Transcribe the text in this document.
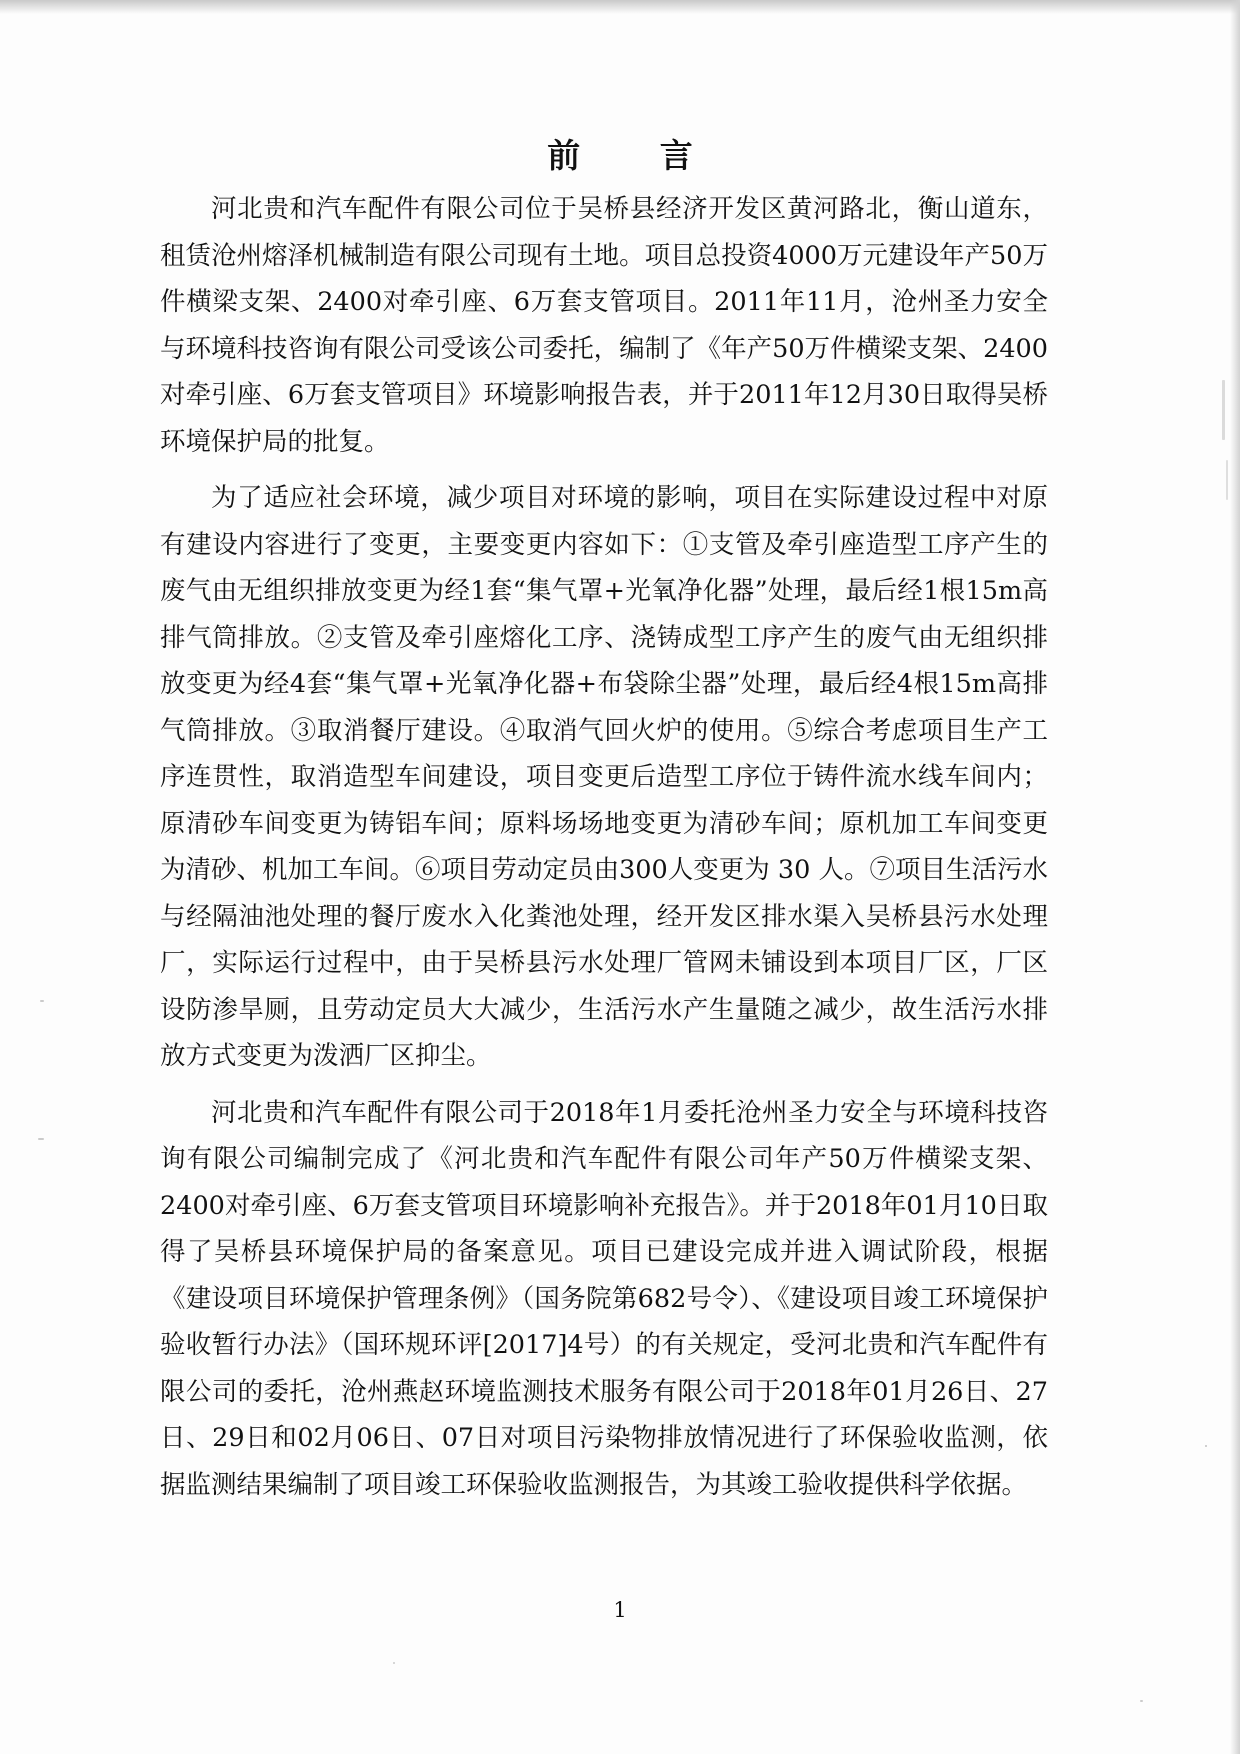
前 言

河北贵和汽车配件有限公司位于吴桥县经济开发区黄河路北，衡山道东，租赁沧州熔泽机械制造有限公司现有土地。项目总投资4000万元建设年产50万件横梁支架、2400对牵引座、6万套支管项目。2011年11月，沧州圣力安全与环境科技咨询有限公司受该公司委托，编制了《年产50万件横梁支架、2400对牵引座、6万套支管项目》环境影响报告表，并于2011年12月30日取得吴桥环境保护局的批复。

为了适应社会环境，减少项目对环境的影响，项目在实际建设过程中对原有建设内容进行了变更，主要变更内容如下：①支管及牵引座造型工序产生的废气由无组织排放变更为经1套“集气罩+光氧净化器”处理，最后经1根15m高排气筒排放。②支管及牵引座熔化工序、浇铸成型工序产生的废气由无组织排放变更为经4套“集气罩+光氧净化器+布袋除尘器”处理，最后经4根15m高排气筒排放。③取消餐厅建设。④取消气回火炉的使用。⑤综合考虑项目生产工序连贯性，取消造型车间建设，项目变更后造型工序位于铸件流水线车间内；原清砂车间变更为铸铝车间；原料场场地变更为清砂车间；原机加工车间变更为清砂、机加工车间。⑥项目劳动定员由300人变更为 30 人。⑦项目生活污水与经隔油池处理的餐厅废水入化粪池处理，经开发区排水渠入吴桥县污水处理厂，实际运行过程中，由于吴桥县污水处理厂管网未铺设到本项目厂区，厂区设防渗旱厕，且劳动定员大大减少，生活污水产生量随之减少，故生活污水排放方式变更为泼洒厂区抑尘。

河北贵和汽车配件有限公司于2018年1月委托沧州圣力安全与环境科技咨询有限公司编制完成了《河北贵和汽车配件有限公司年产50万件横梁支架、2400对牵引座、6万套支管项目环境影响补充报告》。并于2018年01月10日取得了吴桥县环境保护局的备案意见。项目已建设完成并进入调试阶段，根据《建设项目环境保护管理条例》（国务院第682号令）、《建设项目竣工环境保护验收暂行办法》（国环规环评[2017]4号）的有关规定，受河北贵和汽车配件有限公司的委托，沧州燕赵环境监测技术服务有限公司于2018年01月26日、27日、29日和02月06日、07日对项目污染物排放情况进行了环保验收监测，依据监测结果编制了项目竣工环保验收监测报告，为其竣工验收提供科学依据。

1
